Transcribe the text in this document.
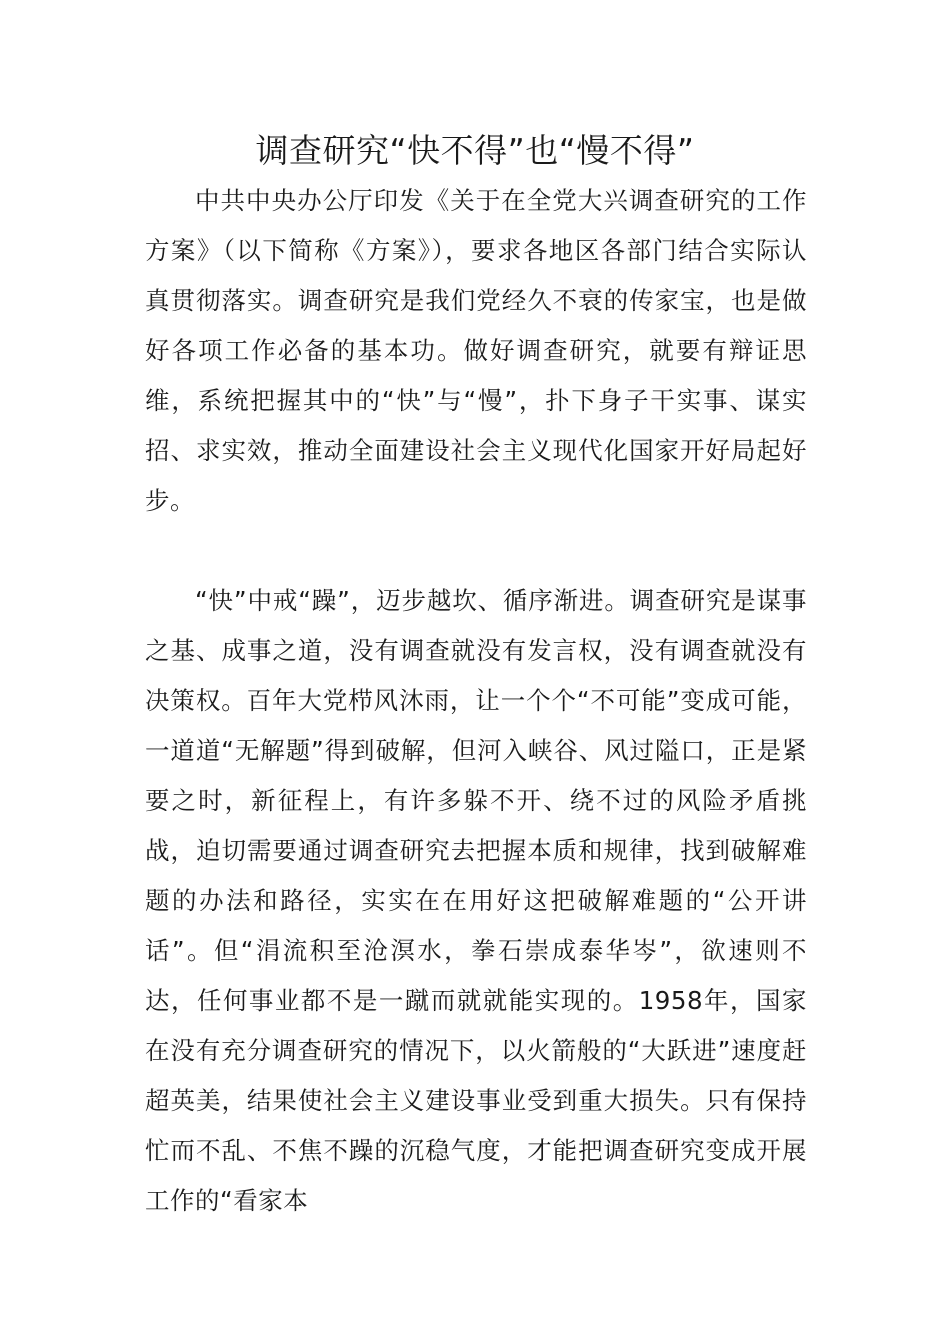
调查研究“快不得”也“慢不得”

中共中央办公厅印发《关于在全党大兴调查研究的工作方案》（以下简称《方案》），要求各地区各部门结合实际认真贯彻落实。调查研究是我们党经久不衰的传家宝，也是做好各项工作必备的基本功。做好调查研究，就要有辩证思维，系统把握其中的“快”与“慢”，扑下身子干实事、谋实招、求实效，推动全面建设社会主义现代化国家开好局起好步。

“快”中戒“躁”，迈步越坎、循序渐进。调查研究是谋事之基、成事之道，没有调查就没有发言权，没有调查就没有决策权。百年大党栉风沐雨，让一个个“不可能”变成可能，一道道“无解题”得到破解，但河入峡谷、风过隘口，正是紧要之时，新征程上，有许多躲不开、绕不过的风险矛盾挑战，迫切需要通过调查研究去把握本质和规律，找到破解难题的办法和路径，实实在在用好这把破解难题的“公开讲话”。但“涓流积至沧溟水，拳石崇成泰华岑”，欲速则不达，任何事业都不是一蹴而就就能实现的。1958年，国家在没有充分调查研究的情况下，以火箭般的“大跃进”速度赶超英美，结果使社会主义建设事业受到重大损失。只有保持忙而不乱、不焦不躁的沉稳气度，才能把调查研究变成开展工作的“看家本
